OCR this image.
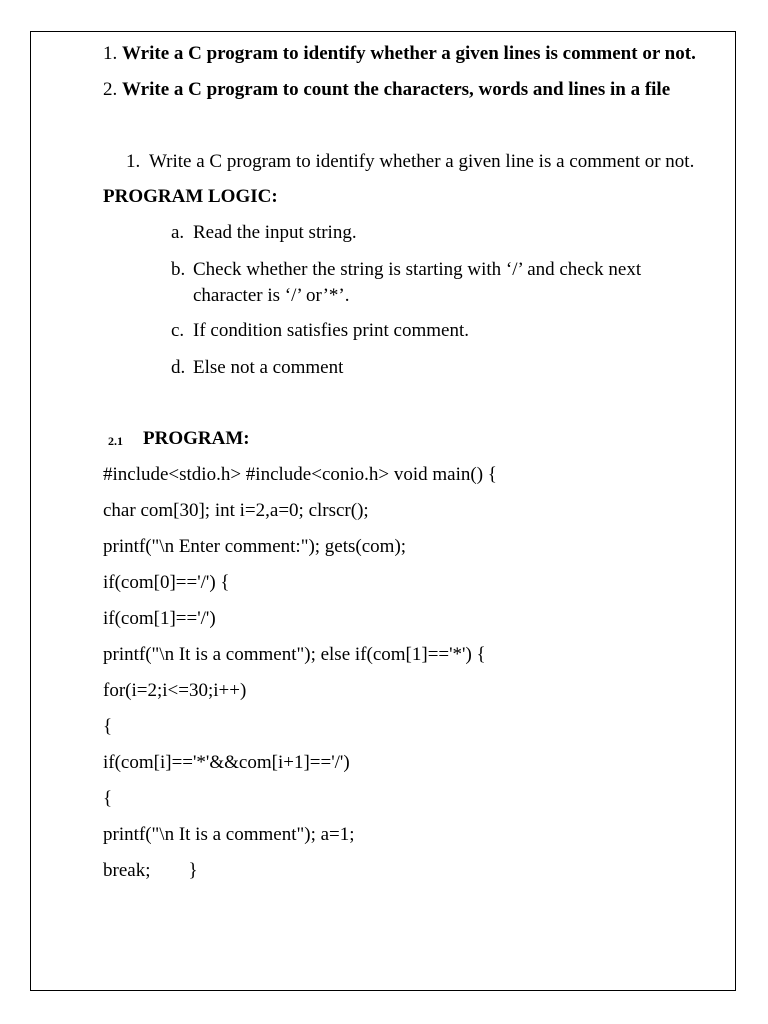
1. Write a C program to identify whether a given lines is comment or not.
2. Write a C program to count the characters, words and lines in a file
1. Write a C program to identify whether a given line is a comment or not.
PROGRAM LOGIC:
a. Read the input string.
b. Check whether the string is starting with ‘/’ and check next
character is ‘/’ or’*’.
c. If condition satisfies print comment.
d. Else not a comment
2.1 PROGRAM:
#include<stdio.h> #include<conio.h> void main() {
char com[30]; int i=2,a=0; clrscr();
printf("\n Enter comment:"); gets(com);
if(com[0]=='/') {
if(com[1]=='/')
printf("\n It is a comment"); else if(com[1]=='*') {
for(i=2;i<=30;i++)
{
if(com[i]=='*'&&com[i+1]=='/')
{
printf("\n It is a comment"); a=1;
break;        }
